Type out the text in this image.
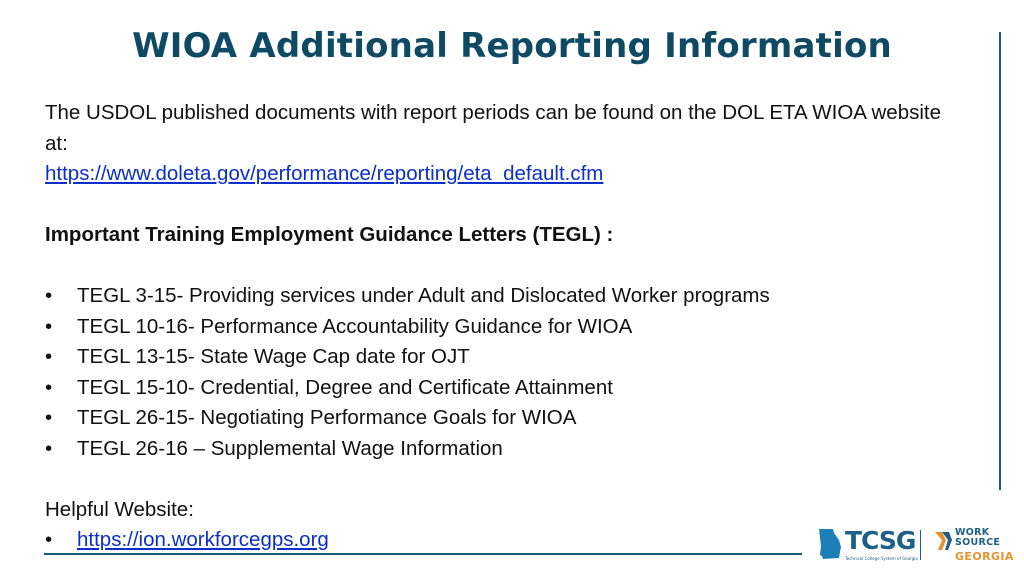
WIOA Additional Reporting Information

The USDOL published documents with report periods can be found on the DOL ETA WIOA website at:

https://www.doleta.gov/performance/reporting/eta_default.cfm

Important Training Employment Guidance Letters (TEGL) :

• TEGL 3-15- Providing services under Adult and Dislocated Worker programs
• TEGL 10-16- Performance Accountability Guidance for WIOA
• TEGL 13-15- State Wage Cap date for OJT
• TEGL 15-10- Credential, Degree and Certificate Attainment
• TEGL 26-15- Negotiating Performance Goals for WIOA
• TEGL 26-16 – Supplemental Wage Information

Helpful Website:

• https://ion.workforcegps.org	TCSG
Technical College System of Georgia
WORK
SOURCE
GEORGIA
